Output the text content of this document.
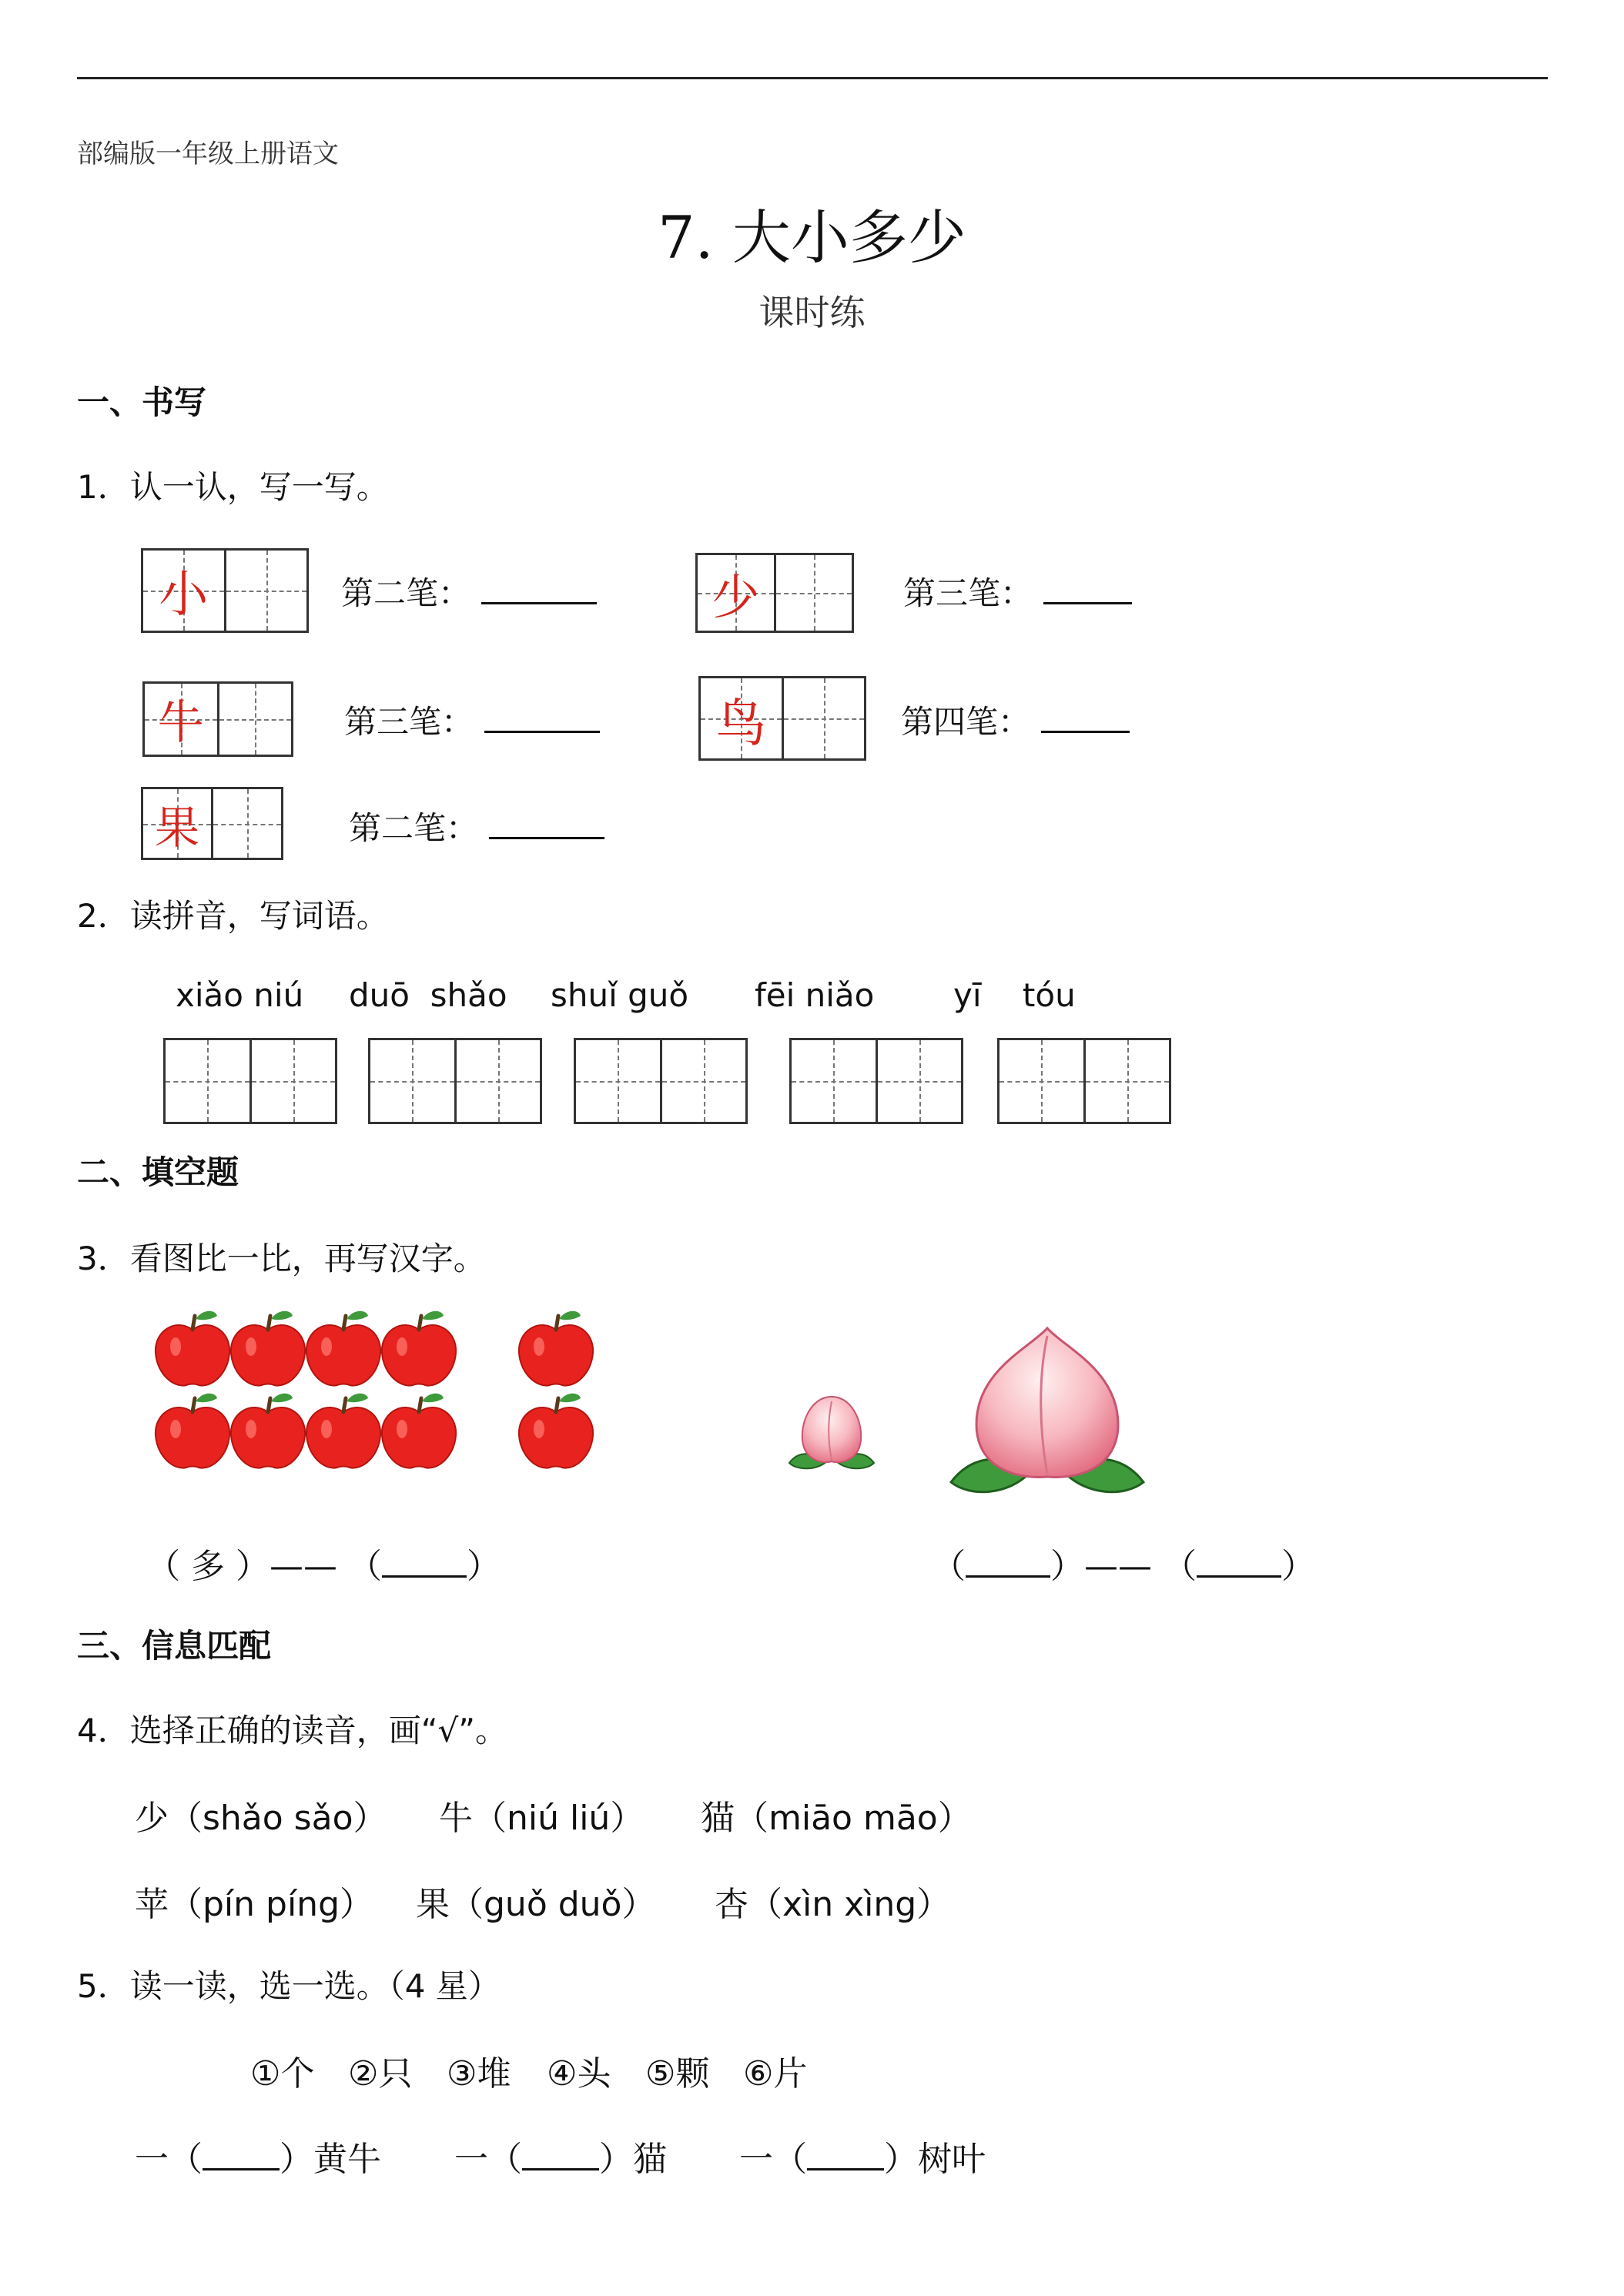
部编版一年级上册语文
7. 大小多少
课时练
一、书写
1．认一认，写一写。
小	第二笔：	少	第三笔：
牛	第三笔：	鸟	第四笔：
果	第二笔：
2．读拼音，写词语。
xiǎo niú duō  shǎo shuǐ guǒ fēi niǎo yī    tóu
二、填空题
3．看图比一比，再写汉字。
（ 多 ）—— （	）	（	）—— （	）
三、信息匹配
4．选择正确的读音，画“√”。
少（shǎo sǎo） 牛（niú liú） 猫（miāo māo）
苹（pín píng） 果（guǒ duǒ） 杏（xìn xìng）
5．读一读，选一选。（4 星）
①个 ②只 ③堆 ④头 ⑤颗 ⑥片
一（ ）黄牛 一（ ）猫 一（ ）树叶
